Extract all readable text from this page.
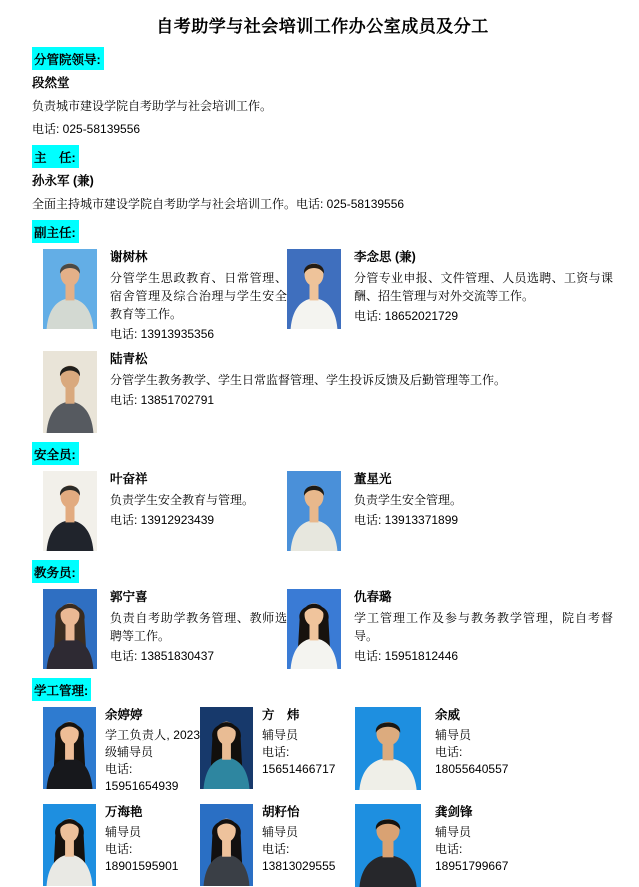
自考助学与社会培训工作办公室成员及分工
分管院领导:

段然堂

负责城市建设学院自考助学与社会培训工作。

电话: 025-58139556

主　任:

孙永军 (兼)

全面主持城市建设学院自考助学与社会培训工作。电话: 025-58139556

副主任:
谢树林
分管学生思政教育、日常管理、宿舍管理及综合治理与学生安全教育等工作。
电话: 13913935356
李念思 (兼)
分管专业申报、文件管理、人员选聘、工资与课酬、招生管理与对外交流等工作。
电话: 18652021729
陆青松
分管学生教务教学、学生日常监督管理、学生投诉反馈及后勤管理等工作。
电话: 13851702791
安全员:
叶奋祥
负责学生安全教育与管理。
电话: 13912923439
董星光
负责学生安全管理。
电话: 13913371899
教务员:
郭宁喜
负责自考助学教务管理、教师选聘等工作。
电话: 13851830437
仇春璐
学工管理工作及参与教务教学管理，院自考督导。
电话: 15951812446
学工管理:
余婷婷
学工负责人, 2023 级辅导员
电话:
15951654939
方　炜
辅导员
电话:
15651466717
余威
辅导员
电话:
18055640557
万海艳
辅导员
电话:
18901595901
胡籽怡
辅导员
电话:
13813029555
龚剑锋
辅导员
电话:
18951799667
